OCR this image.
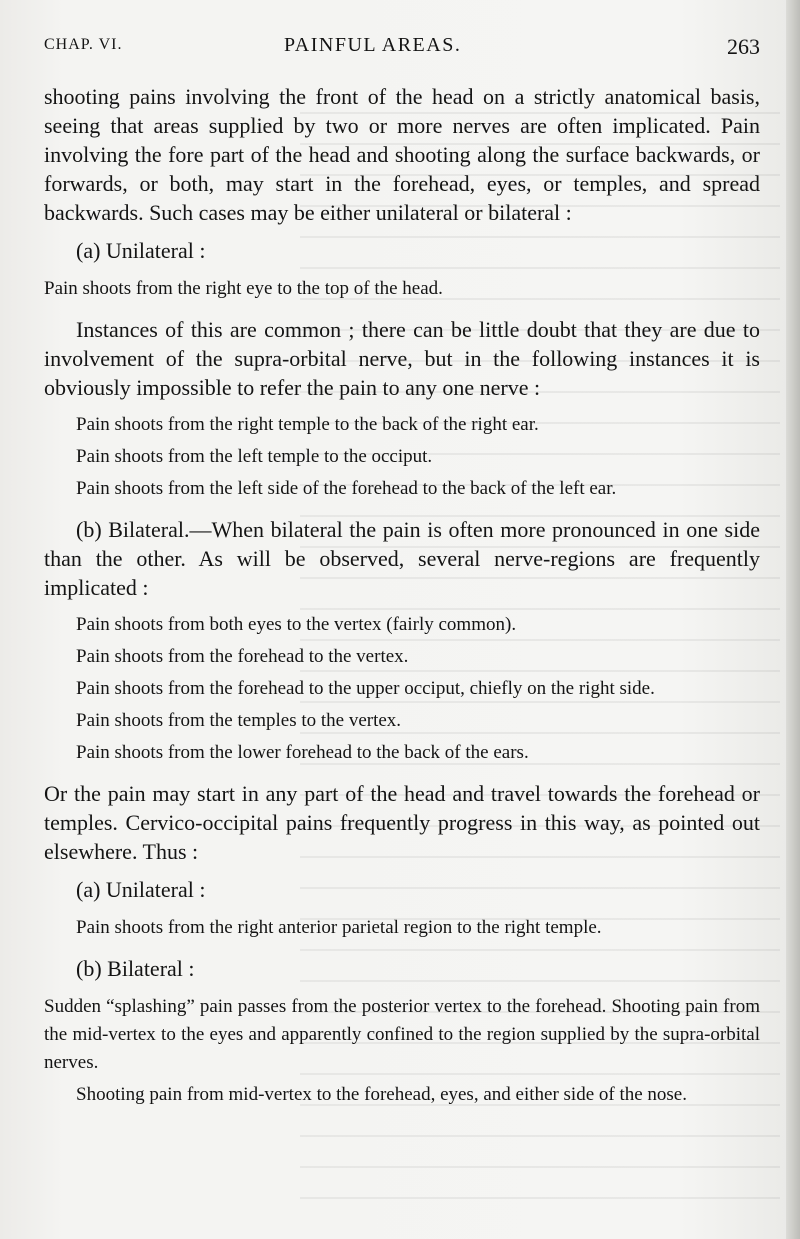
CHAP. VI.	PAINFUL AREAS.	263

shooting pains involving the front of the head on a strictly anatomical basis, seeing that areas supplied by two or more nerves are often implicated. Pain involving the fore part of the head and shooting along the surface backwards, or forwards, or both, may start in the forehead, eyes, or temples, and spread backwards. Such cases may be either unilateral or bilateral :

(a) Unilateral :

Pain shoots from the right eye to the top of the head.

Instances of this are common ; there can be little doubt that they are due to involvement of the supra-orbital nerve, but in the following instances it is obviously impossible to refer the pain to any one nerve :

Pain shoots from the right temple to the back of the right ear.

Pain shoots from the left temple to the occiput.

Pain shoots from the left side of the forehead to the back of the left ear.

(b) Bilateral.—When bilateral the pain is often more pronounced in one side than the other. As will be observed, several nerve-regions are frequently implicated :

Pain shoots from both eyes to the vertex (fairly common).

Pain shoots from the forehead to the vertex.

Pain shoots from the forehead to the upper occiput, chiefly on the right side.

Pain shoots from the temples to the vertex.

Pain shoots from the lower forehead to the back of the ears.

Or the pain may start in any part of the head and travel towards the forehead or temples. Cervico-occipital pains frequently progress in this way, as pointed out elsewhere. Thus :

(a) Unilateral :

Pain shoots from the right anterior parietal region to the right temple.

(b) Bilateral :

Sudden “splashing” pain passes from the posterior vertex to the forehead. Shooting pain from the mid-vertex to the eyes and apparently confined to the region supplied by the supra-orbital nerves.

Shooting pain from mid-vertex to the forehead, eyes, and either side of the nose.
